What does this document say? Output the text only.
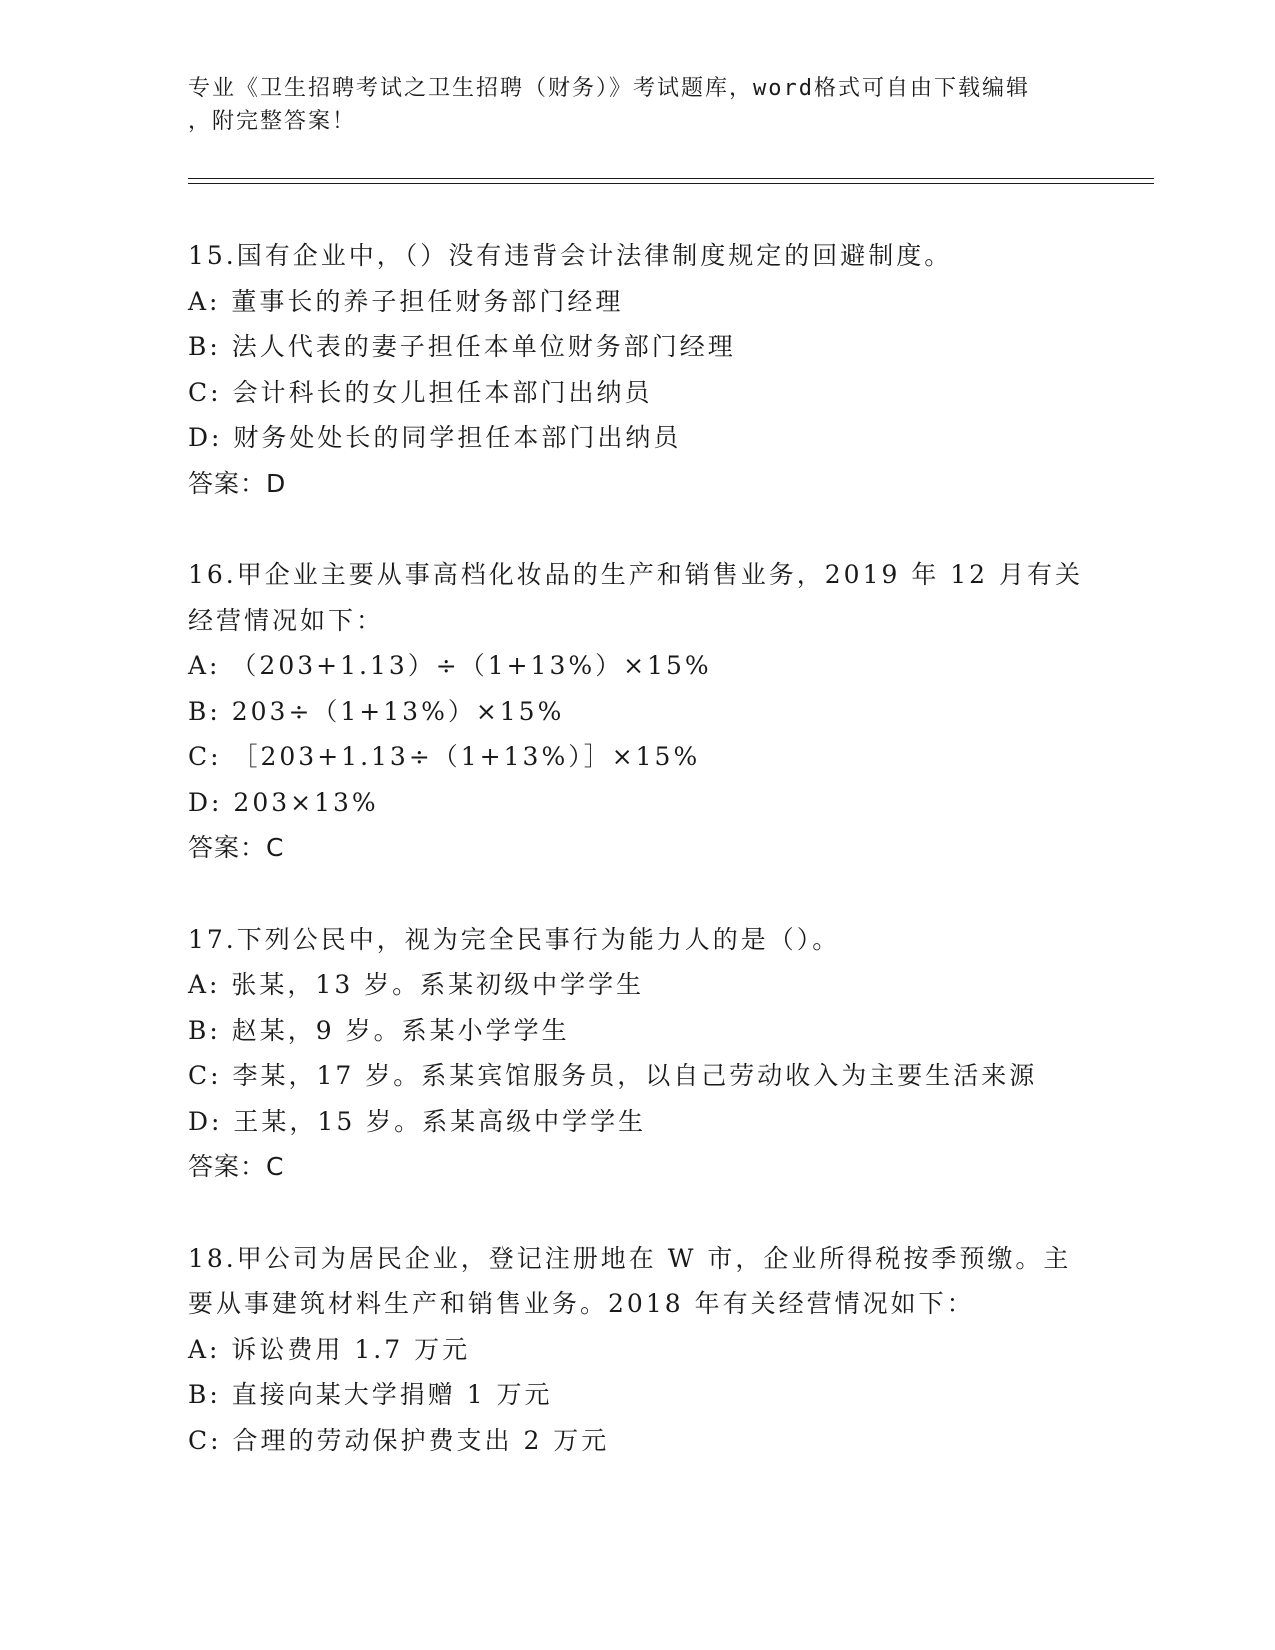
专业《卫生招聘考试之卫生招聘（财务）》考试题库，word格式可自由下载编辑
，附完整答案！

15.国有企业中，（）没有违背会计法律制度规定的回避制度。

A: 董事长的养子担任财务部门经理

B: 法人代表的妻子担任本单位财务部门经理

C: 会计科长的女儿担任本部门出纳员

D: 财务处处长的同学担任本部门出纳员

答案：D

16.甲企业主要从事高档化妆品的生产和销售业务，2019 年 12 月有关
经营情况如下：

A: （203+1.13）÷（1+13%）×15%

B: 203÷（1+13%）×15%

C: ［203+1.13÷（1+13%）］×15%

D: 203×13%

答案：C

17.下列公民中，视为完全民事行为能力人的是（）。

A: 张某，13 岁。系某初级中学学生

B: 赵某，9 岁。系某小学学生

C: 李某，17 岁。系某宾馆服务员，以自己劳动收入为主要生活来源

D: 王某，15 岁。系某高级中学学生

答案：C

18.甲公司为居民企业，登记注册地在 W 市，企业所得税按季预缴。主
要从事建筑材料生产和销售业务。2018 年有关经营情况如下：

A: 诉讼费用 1.7 万元

B: 直接向某大学捐赠 1 万元

C: 合理的劳动保护费支出 2 万元
